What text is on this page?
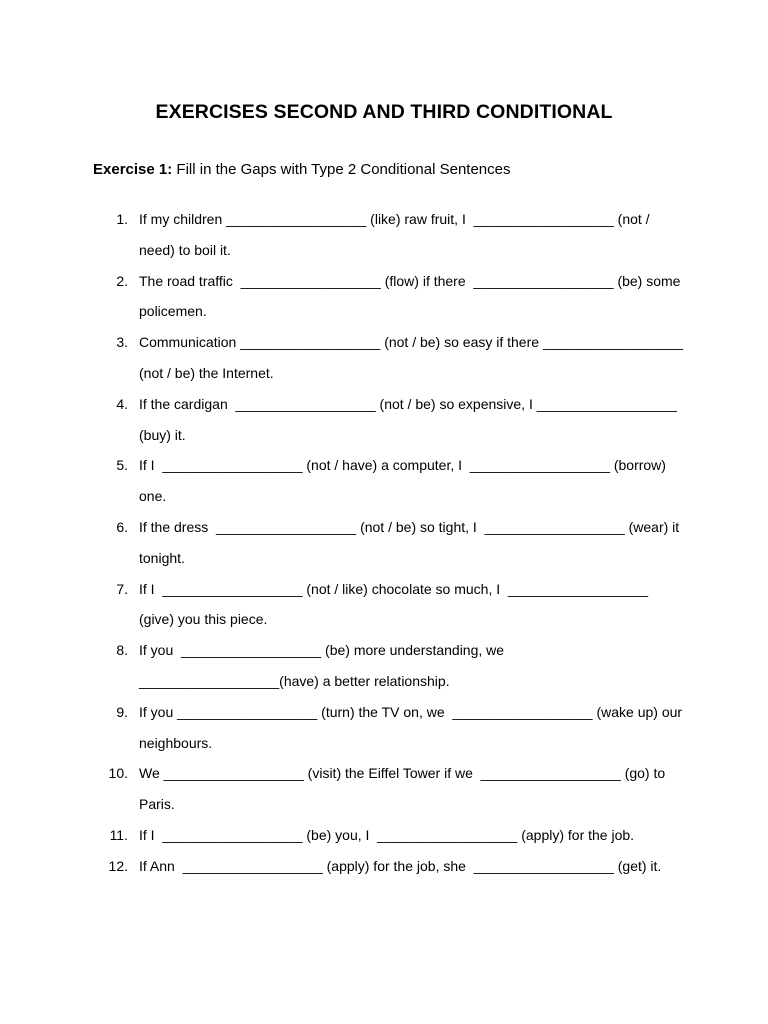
EXERCISES SECOND AND THIRD CONDITIONAL
Exercise 1: Fill in the Gaps with Type 2 Conditional Sentences
1. If my children __________________ (like) raw fruit, I  __________________ (not / need) to boil it.
2. The road traffic  __________________ (flow) if there  __________________ (be) some policemen.
3. Communication __________________ (not / be) so easy if there __________________ (not / be) the Internet.
4. If the cardigan  __________________ (not / be) so expensive, I __________________ (buy) it.
5. If I  __________________ (not / have) a computer, I  __________________ (borrow) one.
6. If the dress  __________________ (not / be) so tight, I  __________________ (wear) it tonight.
7. If I  __________________ (not / like) chocolate so much, I  __________________ (give) you this piece.
8. If you  __________________ (be) more understanding, we __________________(have) a better relationship.
9. If you __________________ (turn) the TV on, we  __________________ (wake up) our neighbours.
10. We __________________ (visit) the Eiffel Tower if we  __________________ (go) to Paris.
11. If I  __________________ (be) you, I  __________________ (apply) for the job.
12. If Ann  __________________ (apply) for the job, she  __________________ (get) it.
